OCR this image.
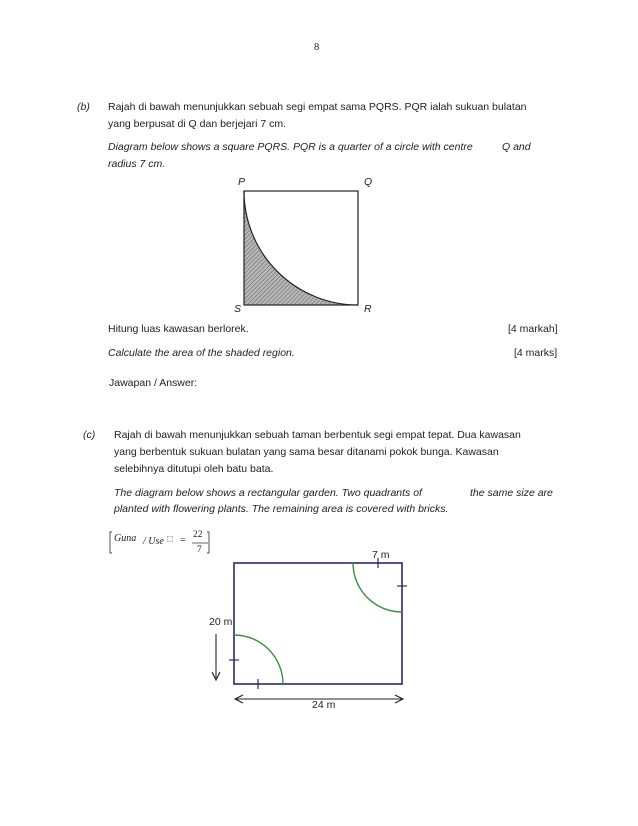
8
(b) Rajah di bawah menunjukkan sebuah segi empat sama PQRS. PQR ialah sukuan bulatan
yang berpusat di Q dan berjejari 7 cm.
Diagram below shows a square PQRS. PQR is a quarter of a circle with centre	Q and
radius 7 cm.
P	Q
S	R
Hitung luas kawasan berlorek.	[4 markah]
Calculate the area of the shaded region.	[4 marks]
Jawapan / Answer:
(c) Rajah di bawah menunjukkan sebuah taman berbentuk segi empat tepat. Dua kawasan
yang berbentuk sukuan bulatan yang sama besar ditanami pokok bunga. Kawasan
selebihnya ditutupi oleh batu bata.
The diagram below shows a rectangular garden. Two quadrants of	the same size are
planted with flowering plants. The remaining area is covered with bricks.
Guna / Use □ = 22
7	7 m
20 m
24 m
